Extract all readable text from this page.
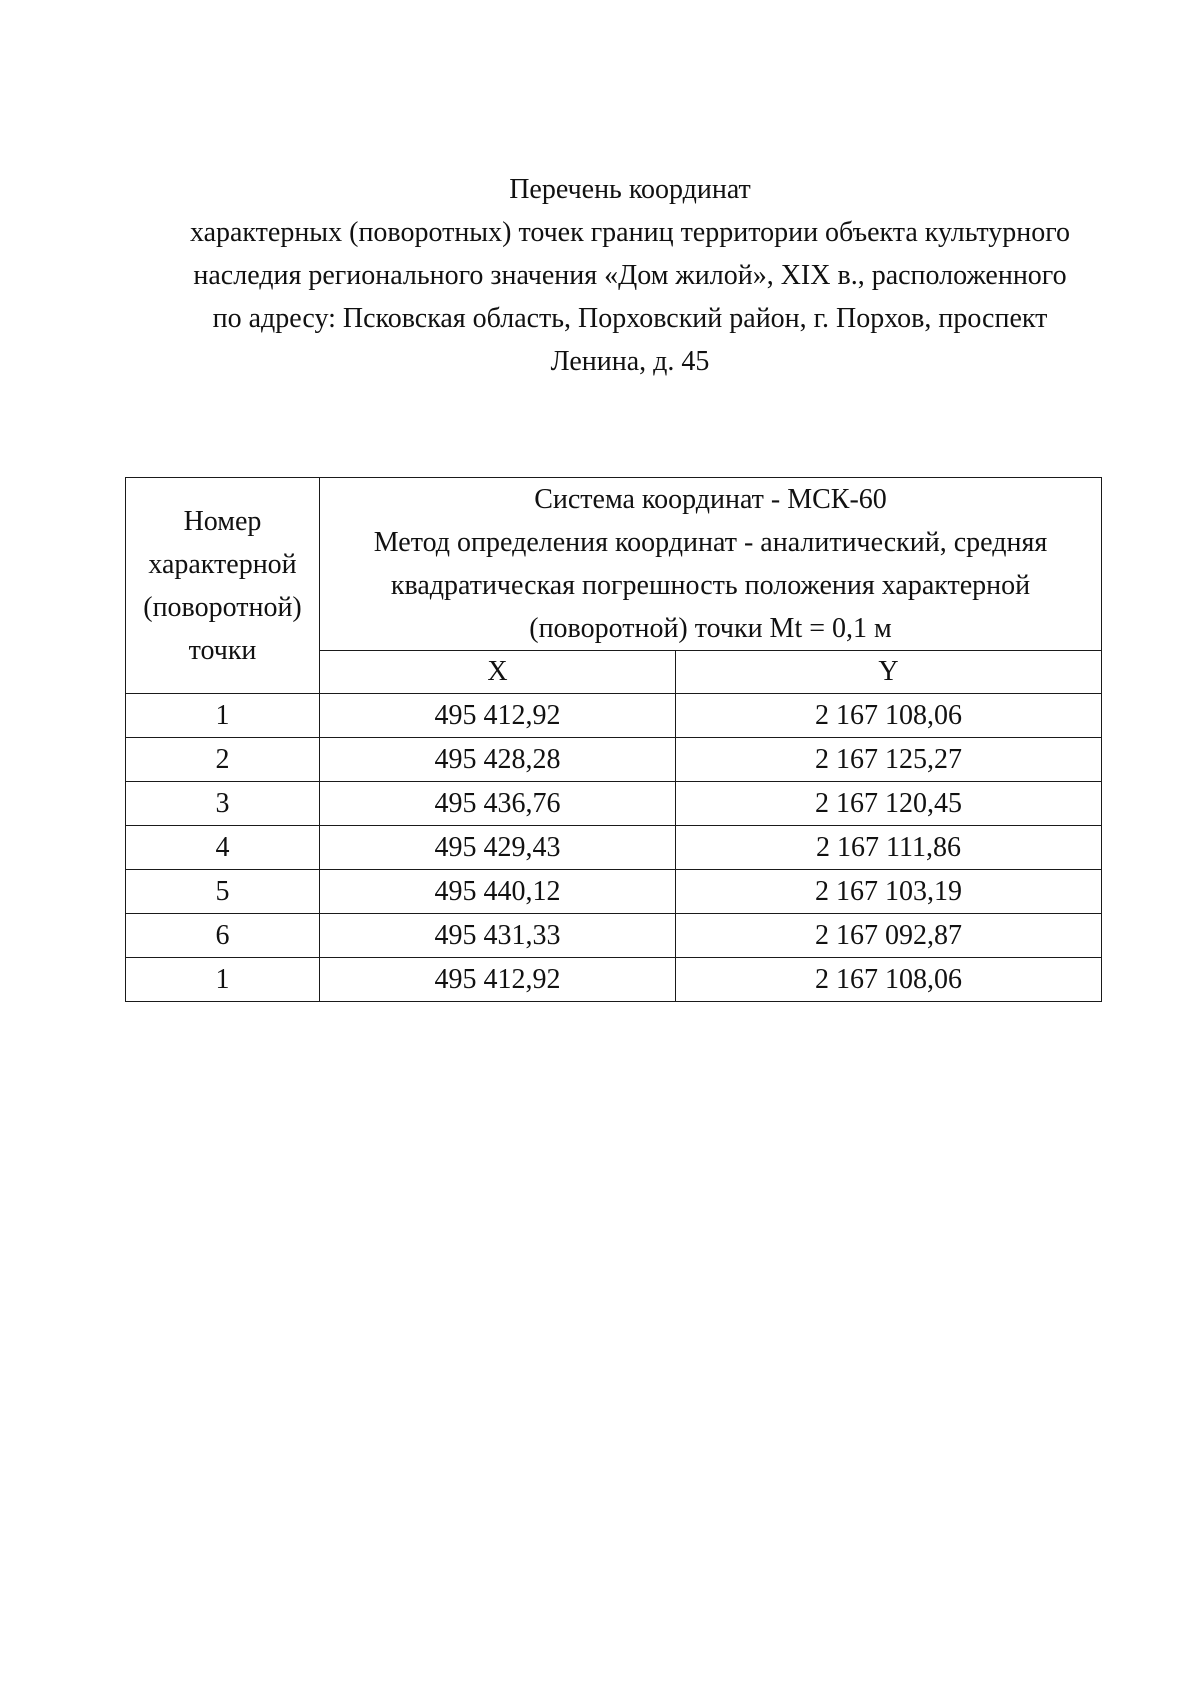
Перечень координат
характерных (поворотных) точек границ территории объекта культурного
наследия регионального значения «Дом жилой», XIX в., расположенного
по адресу: Псковская область, Порховский район, г. Порхов, проспект
Ленина, д. 45
Номер
характерной
(поворотной)
точки	Система координат - МСК-60
Метод определения координат - аналитический, средняя
квадратическая погрешность положения характерной
(поворотной) точки Mt = 0,1 м	

	X	Y
1	495 412,92	2 167 108,06
2	495 428,28	2 167 125,27
3	495 436,76	2 167 120,45
4	495 429,43	2 167 111,86
5	495 440,12	2 167 103,19
6	495 431,33	2 167 092,87
1	495 412,92	2 167 108,06
